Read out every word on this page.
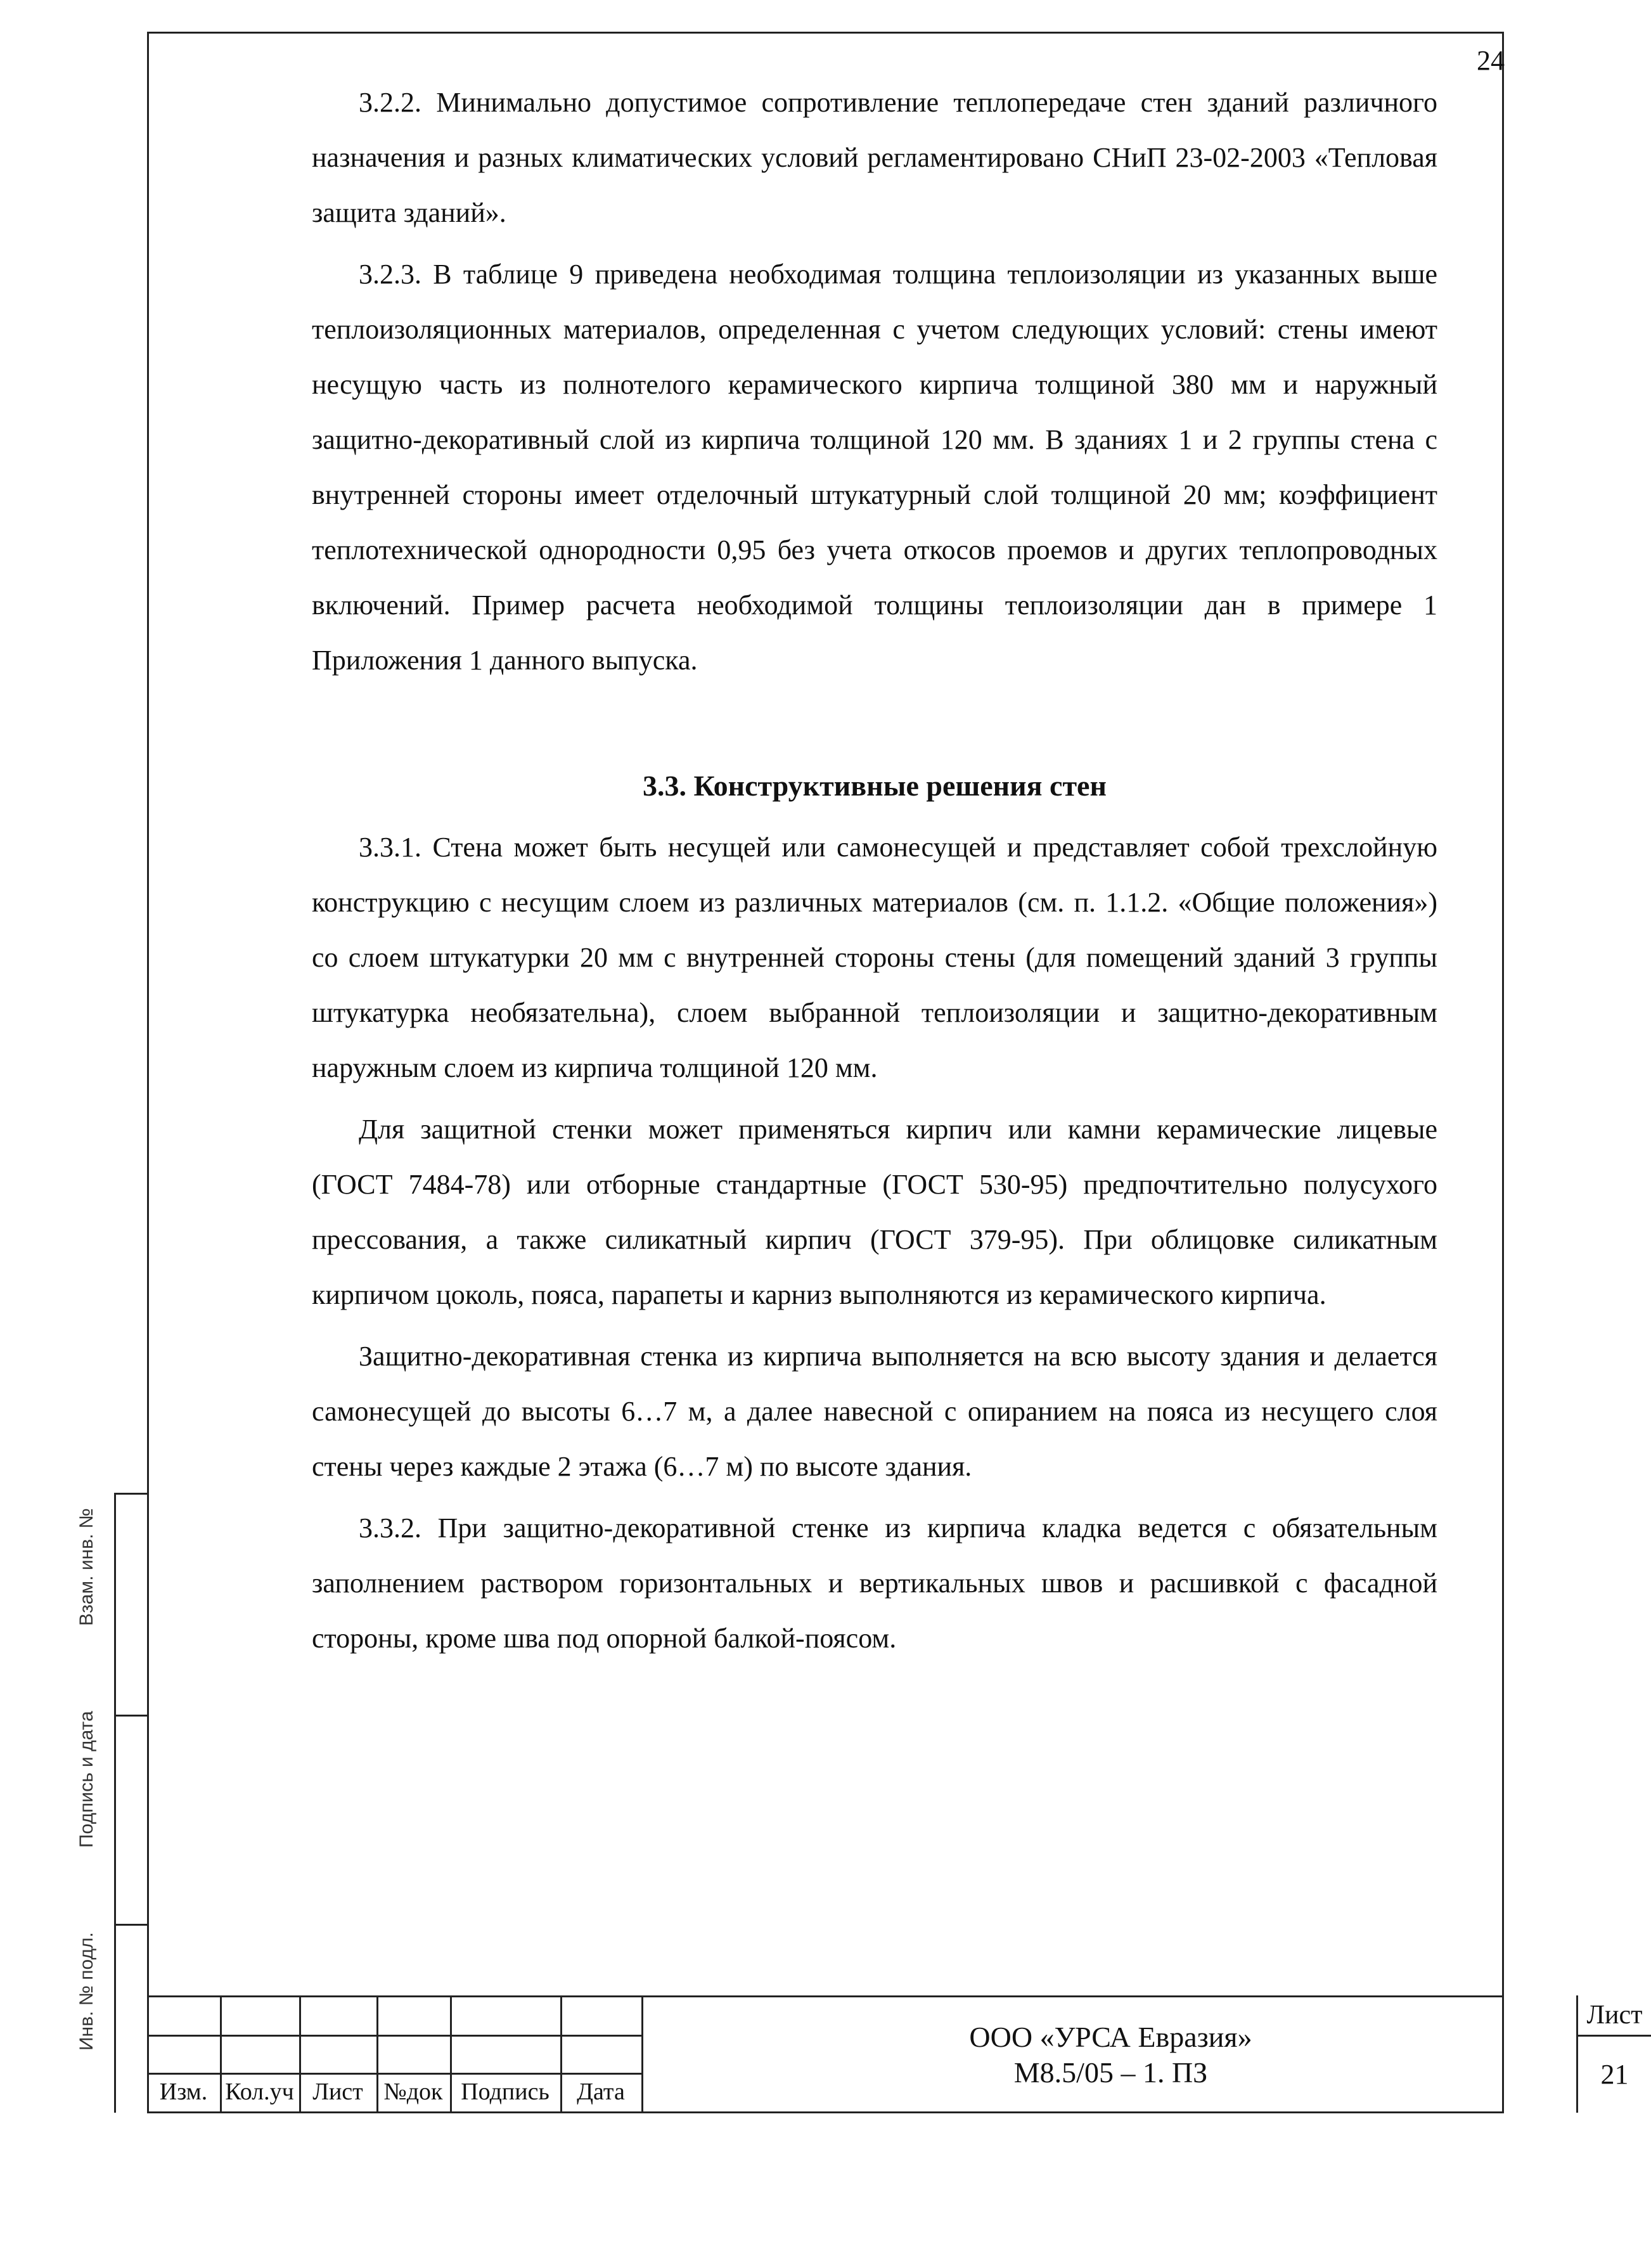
24

3.2.2. Минимально допустимое сопротивление теплопередаче стен зданий различного назначения и разных климатических условий регламентировано СНиП 23-02-2003 «Тепловая защита зданий».

3.2.3. В таблице 9 приведена необходимая толщина теплоизоляции из указанных выше теплоизоляционных материалов, определенная с учетом следующих условий: стены имеют несущую часть из полнотелого керамического кирпича толщиной 380 мм и наружный защитно-декоративный слой из кирпича толщиной 120 мм. В зданиях 1 и 2 группы стена с внутренней стороны имеет отделочный штукатурный слой толщиной 20 мм; коэффициент теплотехнической однородности 0,95 без учета откосов проемов и других теплопроводных включений. Пример расчета необходимой толщины теплоизоляции дан в примере 1 Приложения 1 данного выпуска.

3.3. Конструктивные решения стен

3.3.1. Стена может быть несущей или самонесущей и представляет собой трехслойную конструкцию с несущим слоем из различных материалов (см. п. 1.1.2. «Общие положения») со слоем штукатурки 20 мм с внутренней стороны стены (для помещений зданий 3 группы штукатурка необязательна), слоем выбранной теплоизоляции и защитно-декоративным наружным слоем из кирпича толщиной 120 мм.

Для защитной стенки может применяться кирпич или камни керамические лицевые (ГОСТ 7484-78) или отборные стандартные (ГОСТ 530-95) предпочтительно полусухого прессования, а также силикатный кирпич (ГОСТ 379-95). При облицовке силикатным кирпичом цоколь, пояса, парапеты и карниз выполняются из керамического кирпича.

Защитно-декоративная стенка из кирпича выполняется на всю высоту здания и делается самонесущей до высоты 6…7 м, а далее навесной с опиранием на пояса из несущего слоя стены через каждые 2 этажа (6…7 м) по высоте здания.

3.3.2. При защитно-декоративной стенке из кирпича кладка ведется с обязательным заполнением раствором горизонтальных и вертикальных швов и расшивкой с фасадной стороны, кроме шва под опорной балкой-поясом.

Взам. инв. №
Подпись и дата
Инв. № подл.
Изм. Кол.уч Лист №док Подпись	Дата
ООО «УРСА Евразия»
М8.5/05 – 1. ПЗ
Лист
21
